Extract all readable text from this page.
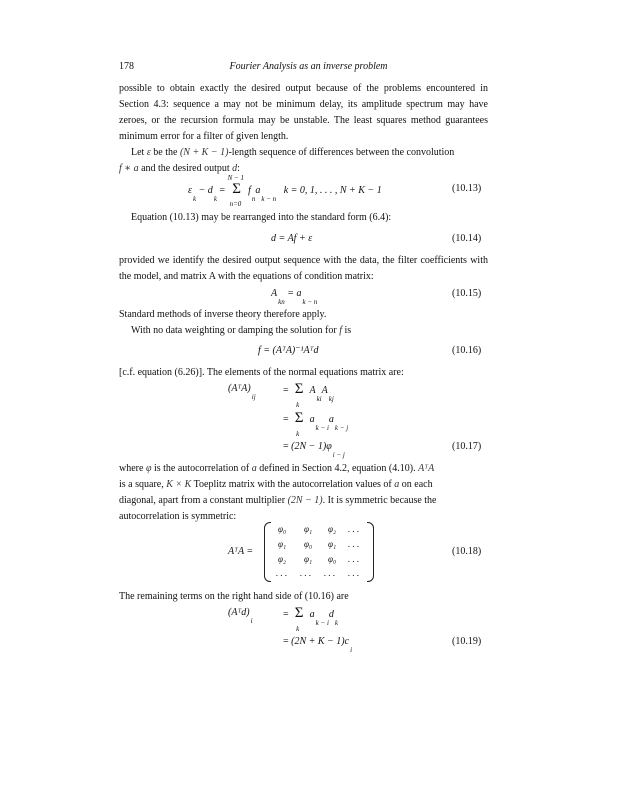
178	Fourier Analysis as an inverse problem

possible to obtain exactly the desired output because of the problems encountered in Section 4.3: sequence a may not be minimum delay, its amplitude spectrum may have zeroes, or the recursion formula may be unstable. The least squares method guarantees minimum error for a filter of given length.

Let ε be the (N + K − 1)-length sequence of differences between the convolution
f ∗ a and the desired output d:
$\varepsilon_k - d_k$ =
N − 1
Σ
n=0
$f_na_{k - n}$   k = 0, 1, . . . , N + K − 1	(10.13)
Equation (10.13) may be rearranged into the standard form (6.4):
d = Af + ε	(10.14)

provided we identify the desired output sequence with the data, the filter coefficients with the model, and matrix A with the equations of condition matrix:

$A_{kn} = a_{k - n}$
(10.15)
Standard methods of inverse theory therefore apply.
With no data weighting or damping the solution for f is
f = (AᵀA)⁻¹Aᵀd	(10.16)
[c.f. equation (6.26)]. The elements of the normal equations matrix are:
$(AᵀA)_{ij}$
= Σ
k
$A_{ki}A_{kj}$
= Σ
k
$a_{k - i}a_{k - j}$
= $(2N - 1)\varphi_{i - j}$
(10.17)
where φ is the autocorrelation of a defined in Section 4.2, equation (4.10). AᵀA
is a square, K × K Toeplitz matrix with the autocorrelation values of a on each
diagonal, apart from a constant multiplier (2N − 1). It is symmetric because the
autocorrelation is symmetric:
AᵀA =
φ₀ φ₁ φ₂ . . .
φ₁ φ₀ φ₁ . . .
φ₂ φ₁ φ₀ . . .
. . . . . . . . . . . .
(10.18)
The remaining terms on the right hand side of (10.16) are
$(Aᵀd)_i$
= Σ
k
$a_{k - i}d_k$
= $(2N + K - 1)c_i$
(10.19)
